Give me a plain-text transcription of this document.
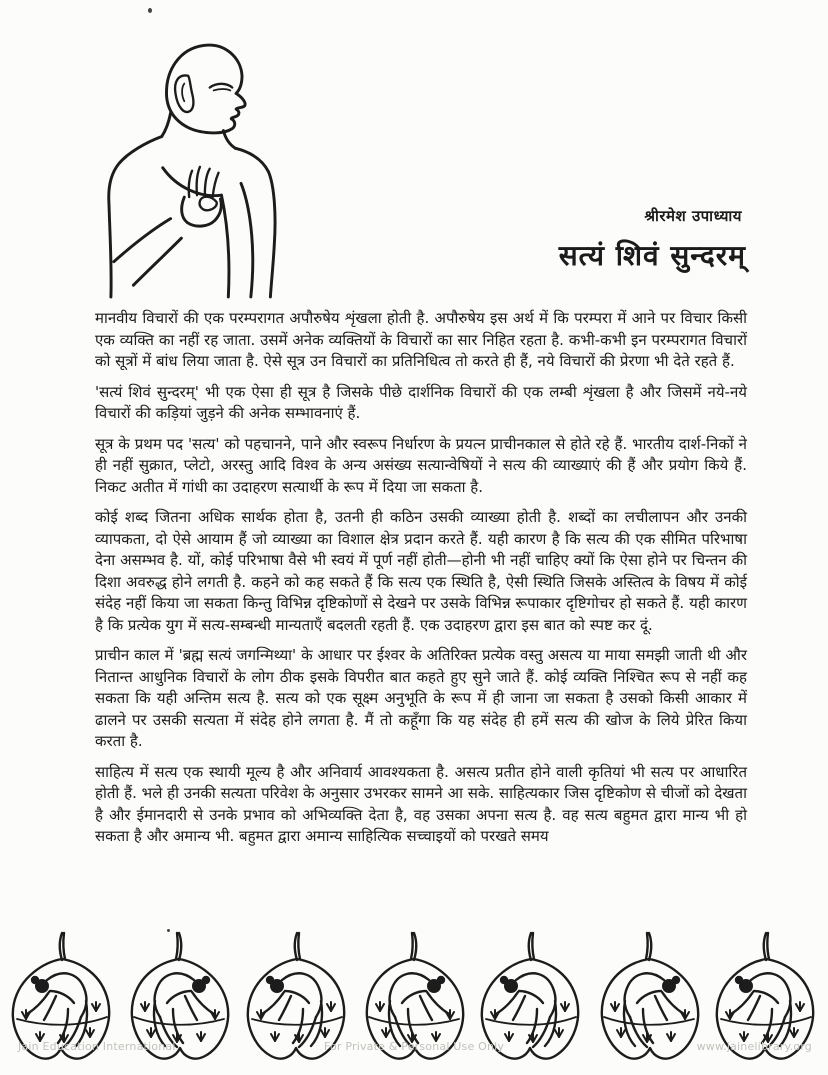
श्रीरमेश उपाध्याय

सत्यं शिवं सुन्दरम्

मानवीय विचारों की एक परम्परागत अपौरुषेय शृंखला होती है. अपौरुषेय इस अर्थ में कि परम्परा में आने पर विचार किसी एक व्यक्ति का नहीं रह जाता. उसमें अनेक व्यक्तियों के विचारों का सार निहित रहता है. कभी-कभी इन परम्परागत विचारों को सूत्रों में बांध लिया जाता है. ऐसे सूत्र उन विचारों का प्रतिनिधित्व तो करते ही हैं, नये विचारों की प्रेरणा भी देते रहते हैं.

'सत्यं शिवं सुन्दरम्' भी एक ऐसा ही सूत्र है जिसके पीछे दार्शनिक विचारों की एक लम्बी शृंखला है और जिसमें नये-नये विचारों की कड़ियां जुड़ने की अनेक सम्भावनाएं हैं.

सूत्र के प्रथम पद 'सत्य' को पहचानने, पाने और स्वरूप निर्धारण के प्रयत्न प्राचीनकाल से होते रहे हैं. भारतीय दार्श-निकों ने ही नहीं सुक्रात, प्लेटो, अरस्तु आदि विश्व के अन्य असंख्य सत्यान्वेषियों ने सत्य की व्याख्याएं की हैं और प्रयोग किये हैं. निकट अतीत में गांधी का उदाहरण सत्यार्थी के रूप में दिया जा सकता है.

कोई शब्द जितना अधिक सार्थक होता है, उतनी ही कठिन उसकी व्याख्या होती है. शब्दों का लचीलापन और उनकी व्यापकता, दो ऐसे आयाम हैं जो व्याख्या का विशाल क्षेत्र प्रदान करते हैं. यही कारण है कि सत्य की एक सीमित परिभाषा देना असम्भव है. यों, कोई परिभाषा वैसे भी स्वयं में पूर्ण नहीं होती—होनी भी नहीं चाहिए क्यों कि ऐसा होने पर चिन्तन की दिशा अवरुद्ध होने लगती है. कहने को कह सकते हैं कि सत्य एक स्थिति है, ऐसी स्थिति जिसके अस्तित्व के विषय में कोई संदेह नहीं किया जा सकता किन्तु विभिन्न दृष्टिकोणों से देखने पर उसके विभिन्न रूपाकार दृष्टिगोचर हो सकते हैं. यही कारण है कि प्रत्येक युग में सत्य-सम्बन्धी मान्यताएँ बदलती रहती हैं. एक उदाहरण द्वारा इस बात को स्पष्ट कर दूं.

प्राचीन काल में 'ब्रह्म सत्यं जगन्मिथ्या' के आधार पर ईश्वर के अतिरिक्त प्रत्येक वस्तु असत्य या माया समझी जाती थी और नितान्त आधुनिक विचारों के लोग ठीक इसके विपरीत बात कहते हुए सुने जाते हैं. कोई व्यक्ति निश्चित रूप से नहीं कह सकता कि यही अन्तिम सत्य है. सत्य को एक सूक्ष्म अनुभूति के रूप में ही जाना जा सकता है उसको किसी आकार में ढालने पर उसकी सत्यता में संदेह होने लगता है. मैं तो कहूँगा कि यह संदेह ही हमें सत्य की खोज के लिये प्रेरित किया करता है.

साहित्य में सत्य एक स्थायी मूल्य है और अनिवार्य आवश्यकता है. असत्य प्रतीत होने वाली कृतियां भी सत्य पर आधारित होती हैं. भले ही उनकी सत्यता परिवेश के अनुसार उभरकर सामने आ सके. साहित्यकार जिस दृष्टिकोण से चीजों को देखता है और ईमानदारी से उनके प्रभाव को अभिव्यक्ति देता है, वह उसका अपना सत्य है. वह सत्य बहुमत द्वारा मान्य भी हो सकता है और अमान्य भी. बहुमत द्वारा अमान्य साहित्यिक सच्चाइयों को परखते समय

Jain Education International	For Private & Personal Use Only	www.jainelibrary.org
